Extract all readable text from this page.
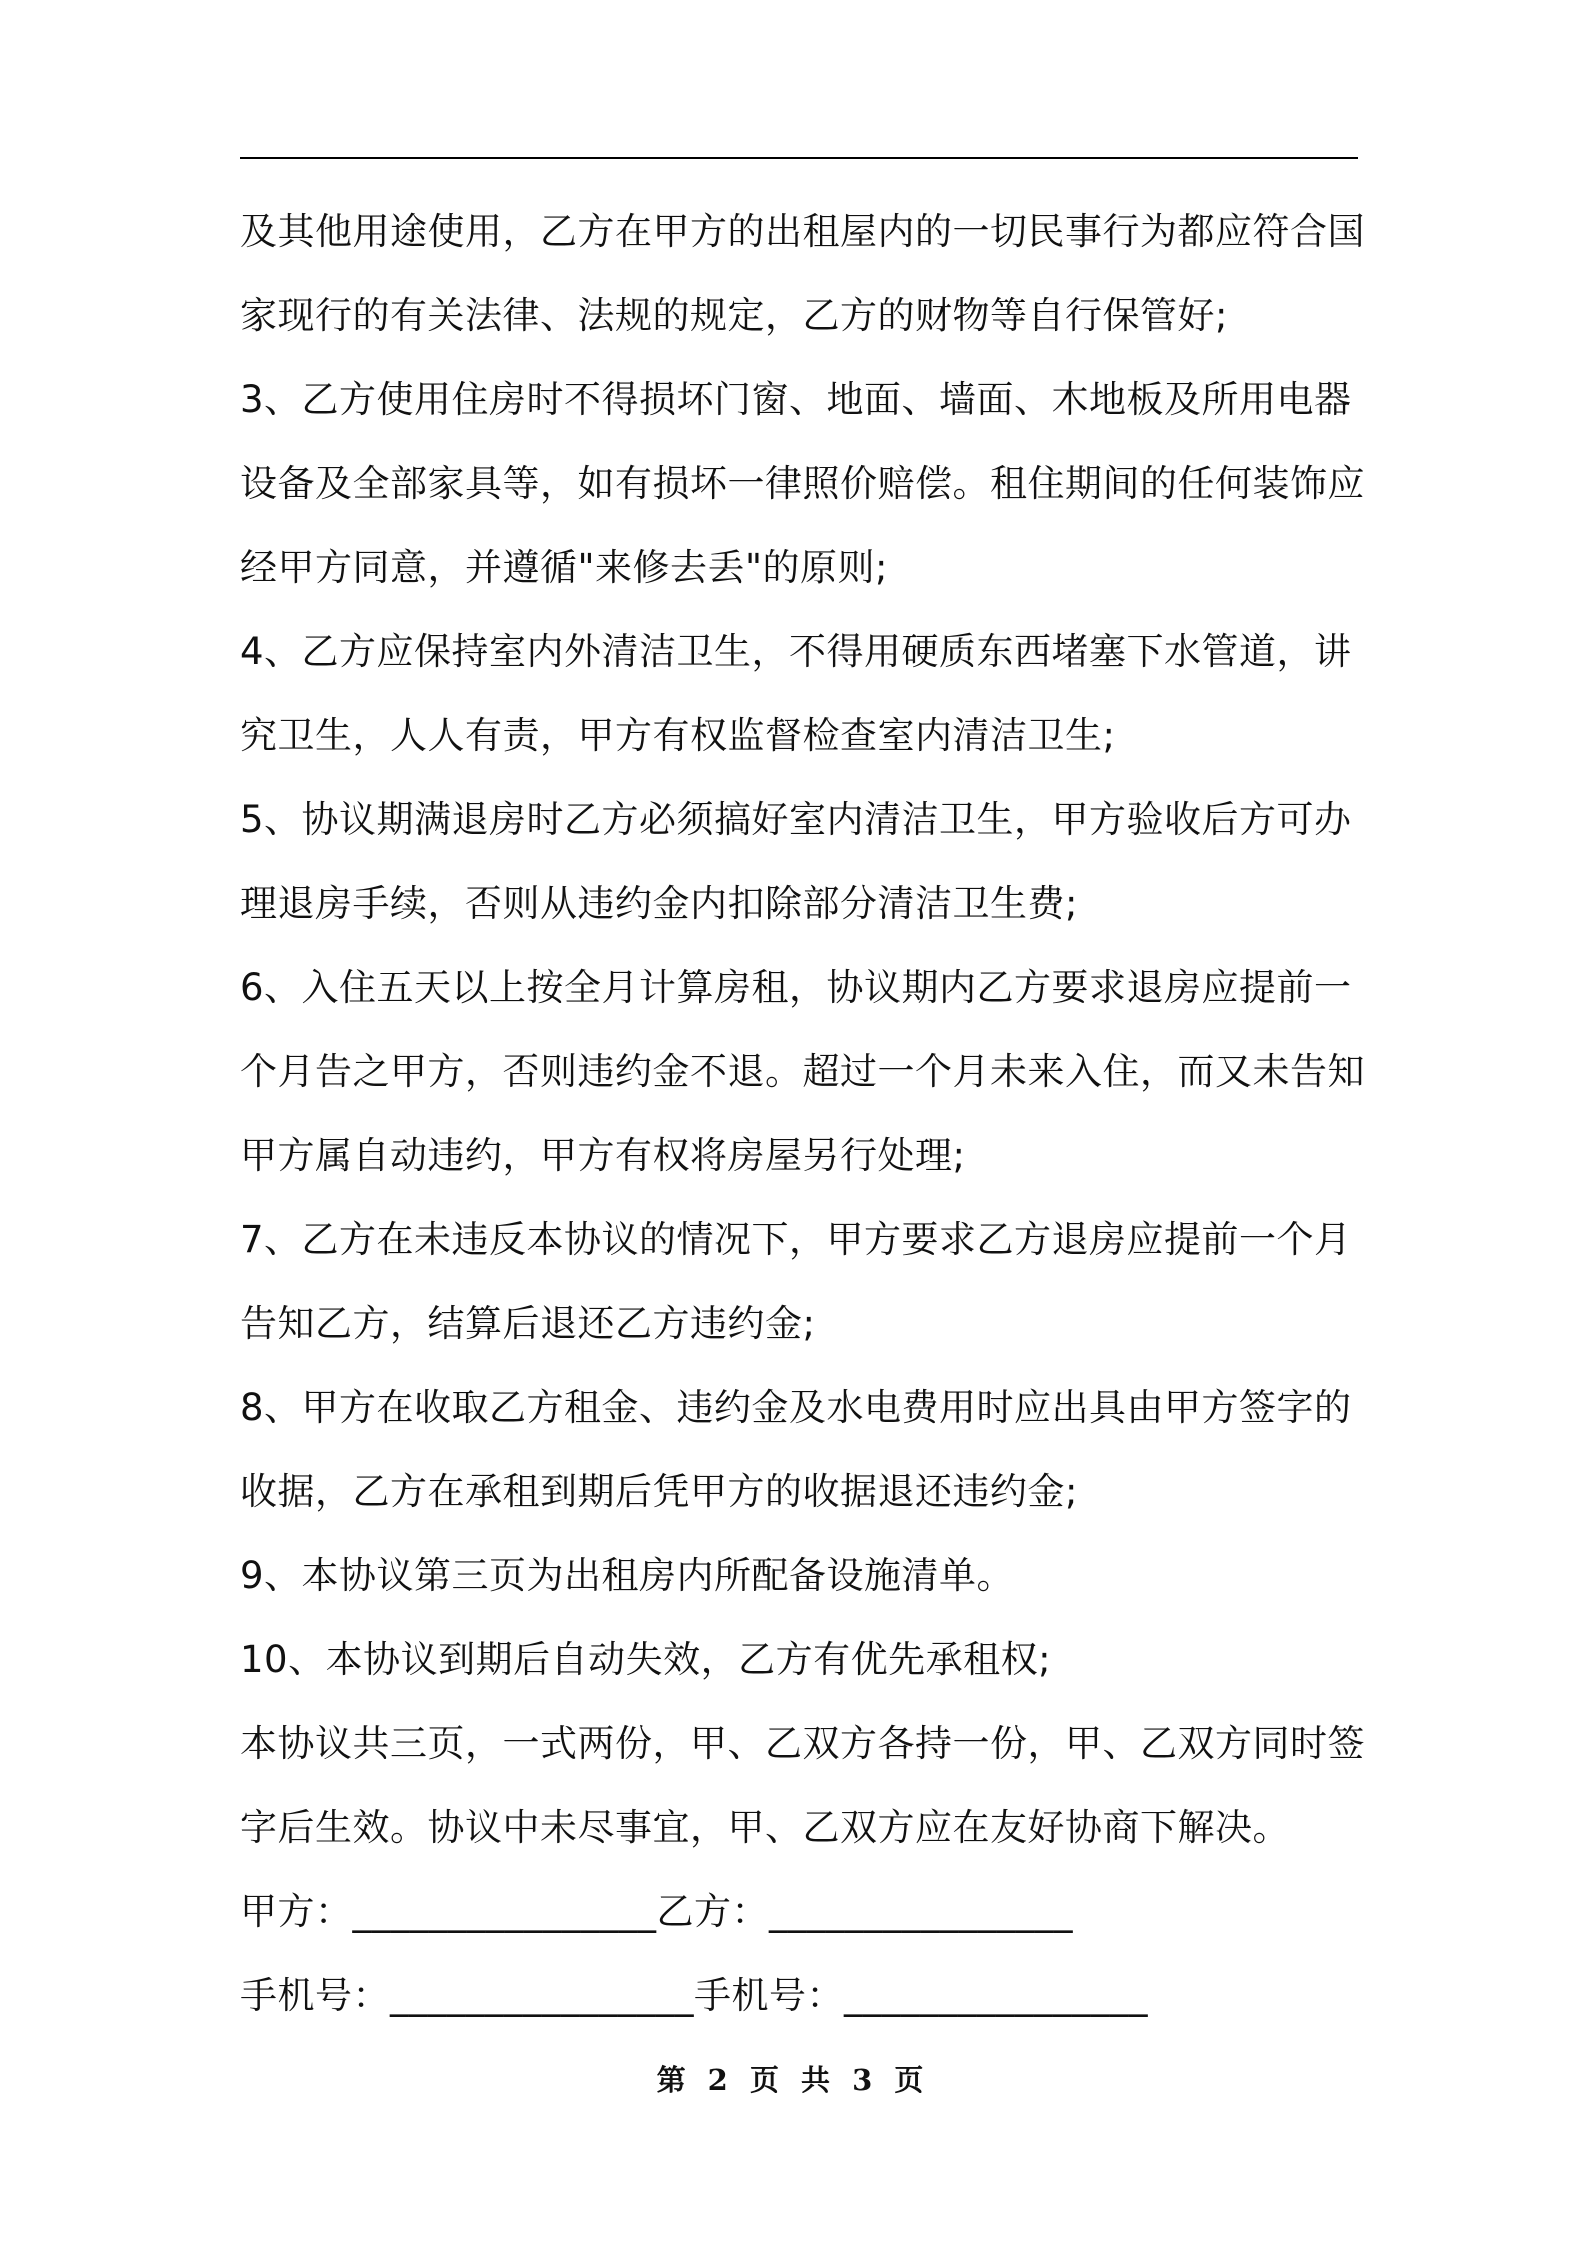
及其他用途使用，乙方在甲方的出租屋内的一切民事行为都应符合国
家现行的有关法律、法规的规定，乙方的财物等自行保管好;
3、乙方使用住房时不得损坏门窗、地面、墙面、木地板及所用电器
设备及全部家具等，如有损坏一律照价赔偿。租住期间的任何装饰应
经甲方同意，并遵循"来修去丢"的原则;
4、乙方应保持室内外清洁卫生，不得用硬质东西堵塞下水管道，讲
究卫生，人人有责，甲方有权监督检查室内清洁卫生;
5、协议期满退房时乙方必须搞好室内清洁卫生，甲方验收后方可办
理退房手续，否则从违约金内扣除部分清洁卫生费;
6、入住五天以上按全月计算房租，协议期内乙方要求退房应提前一
个月告之甲方，否则违约金不退。超过一个月未来入住，而又未告知
甲方属自动违约，甲方有权将房屋另行处理;
7、乙方在未违反本协议的情况下，甲方要求乙方退房应提前一个月
告知乙方，结算后退还乙方违约金;
8、甲方在收取乙方租金、违约金及水电费用时应出具由甲方签字的
收据，乙方在承租到期后凭甲方的收据退还违约金;
9、本协议第三页为出租房内所配备设施清单。
10、本协议到期后自动失效，乙方有优先承租权;
本协议共三页，一式两份，甲、乙双方各持一份，甲、乙双方同时签
字后生效。协议中未尽事宜，甲、乙双方应在友好协商下解决。
甲方：________________乙方：________________
手机号：________________手机号：________________
第 2 页 共 3 页
